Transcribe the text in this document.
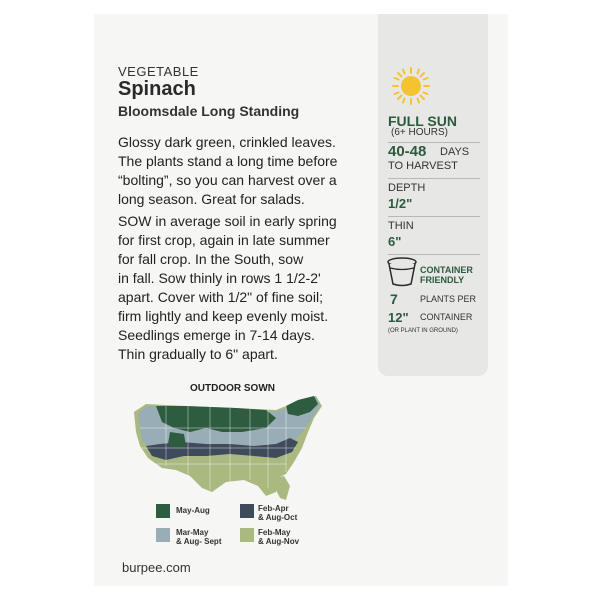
VEGETABLE
Spinach
Bloomsdale Long Standing
Glossy dark green, crinkled leaves.
The plants stand a long time before
“bolting”, so you can harvest over a
long season. Great for salads.
SOW in average soil in early spring
for first crop, again in late summer
for fall crop. In the South, sow
in fall. Sow thinly in rows 1 1/2-2'
apart. Cover with 1/2" of fine soil;
firm lightly and keep evenly moist.
Seedlings emerge in 7-14 days.
Thin gradually to 6" apart.
FULL SUN
(6+ HOURS)
40-48 DAYS
TO HARVEST
DEPTH
1/2"
THIN
6"
CONTAINER
FRIENDLY
7 PLANTS PER
12" CONTAINER
(OR PLANT IN GROUND)
OUTDOOR SOWN
May-Aug	Feb-Apr
& Aug-Oct
Mar-May
& Aug- Sept
Feb-May
& Aug-Nov
burpee.com
